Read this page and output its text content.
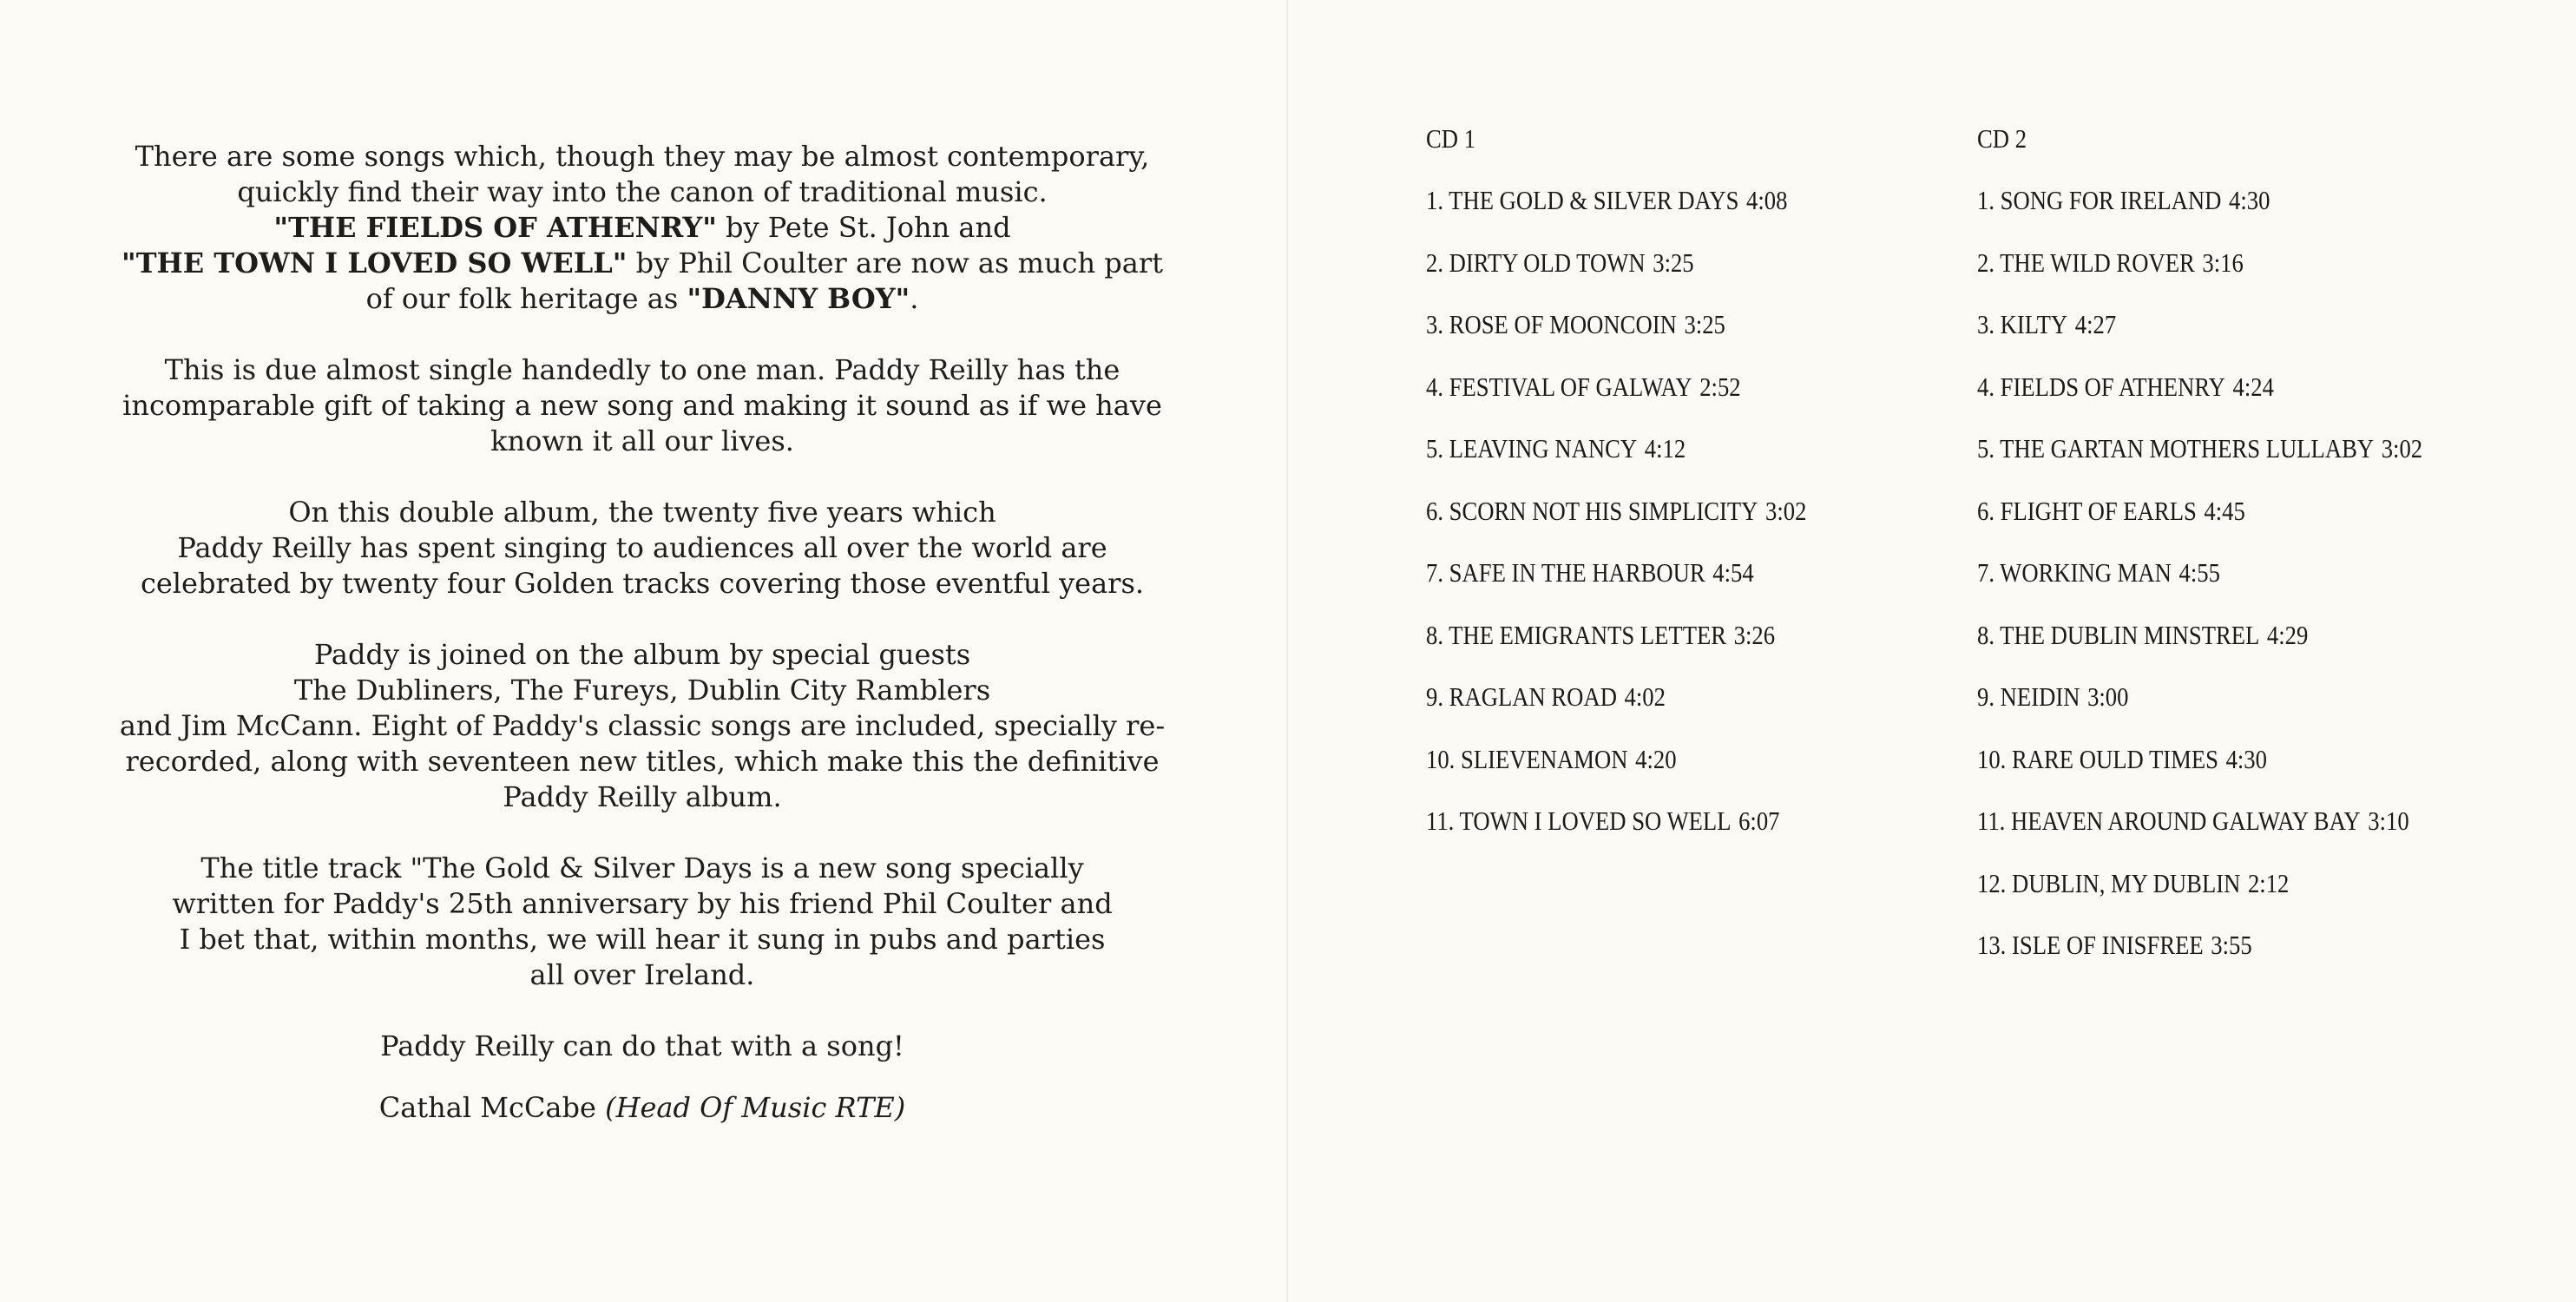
There are some songs which, though they may be almost contemporary,

quickly find their way into the canon of traditional music.

"THE FIELDS OF ATHENRY" by Pete St. John and

"THE TOWN I LOVED SO WELL" by Phil Coulter are now as much part

of our folk heritage as "DANNY BOY".

This is due almost single handedly to one man. Paddy Reilly has the

incomparable gift of taking a new song and making it sound as if we have

known it all our lives.

On this double album, the twenty five years which

Paddy Reilly has spent singing to audiences all over the world are

celebrated by twenty four Golden tracks covering those eventful years.

Paddy is joined on the album by special guests

The Dubliners, The Fureys, Dublin City Ramblers

and Jim McCann. Eight of Paddy's classic songs are included, specially re-

recorded, along with seventeen new titles, which make this the definitive

Paddy Reilly album.

The title track "The Gold & Silver Days is a new song specially

written for Paddy's 25th anniversary by his friend Phil Coulter and

I bet that, within months, we will hear it sung in pubs and parties

all over Ireland.

Paddy Reilly can do that with a song!

Cathal McCabe (Head Of Music RTE)

CD 1
1. THE GOLD & SILVER DAYS 4:08
2. DIRTY OLD TOWN 3:25
3. ROSE OF MOONCOIN 3:25
4. FESTIVAL OF GALWAY 2:52
5. LEAVING NANCY 4:12
6. SCORN NOT HIS SIMPLICITY 3:02
7. SAFE IN THE HARBOUR 4:54
8. THE EMIGRANTS LETTER 3:26
9. RAGLAN ROAD 4:02
10. SLIEVENAMON 4:20
11. TOWN I LOVED SO WELL 6:07
CD 2
1. SONG FOR IRELAND 4:30
2. THE WILD ROVER 3:16
3. KILTY 4:27
4. FIELDS OF ATHENRY 4:24
5. THE GARTAN MOTHERS LULLABY 3:02
6. FLIGHT OF EARLS 4:45
7. WORKING MAN 4:55
8. THE DUBLIN MINSTREL 4:29
9. NEIDIN 3:00
10. RARE OULD TIMES 4:30
11. HEAVEN AROUND GALWAY BAY 3:10
12. DUBLIN, MY DUBLIN 2:12
13. ISLE OF INISFREE 3:55
